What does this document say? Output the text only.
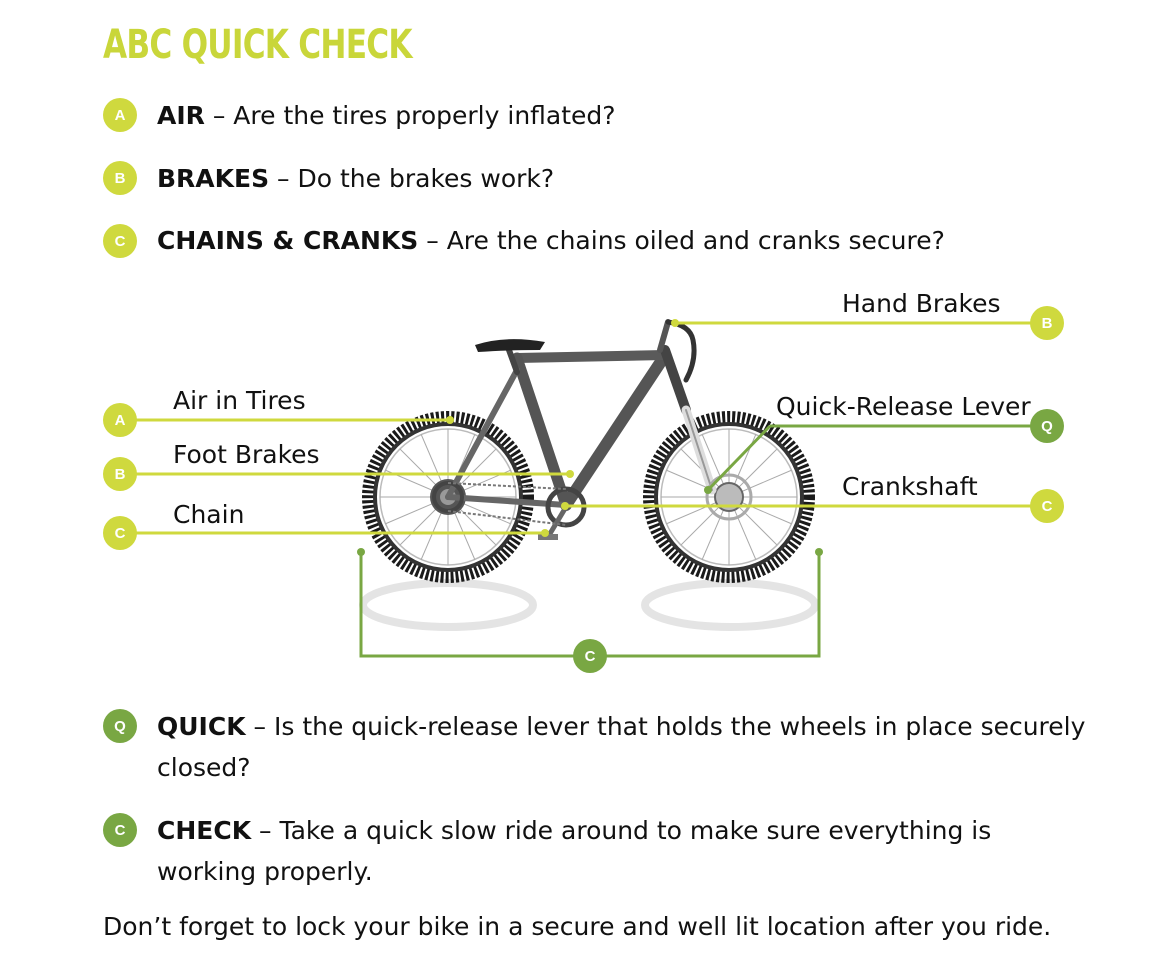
ABC QUICK CHECK
A	AIR – Are the tires properly inflated?
B	BRAKES – Do the brakes work?
C	CHAINS & CRANKS – Are the chains oiled and cranks secure?
Hand Brakes
Air in Tires
Foot Brakes
Chain
Quick-Release Lever
Crankshaft
B
A
B
C
Q
C
C
Q	QUICK – Is the quick-release lever that holds the wheels in place securely
closed?
C	CHECK – Take a quick slow ride around to make sure everything is
working properly.
Don’t forget to lock your bike in a secure and well lit location after you ride.
